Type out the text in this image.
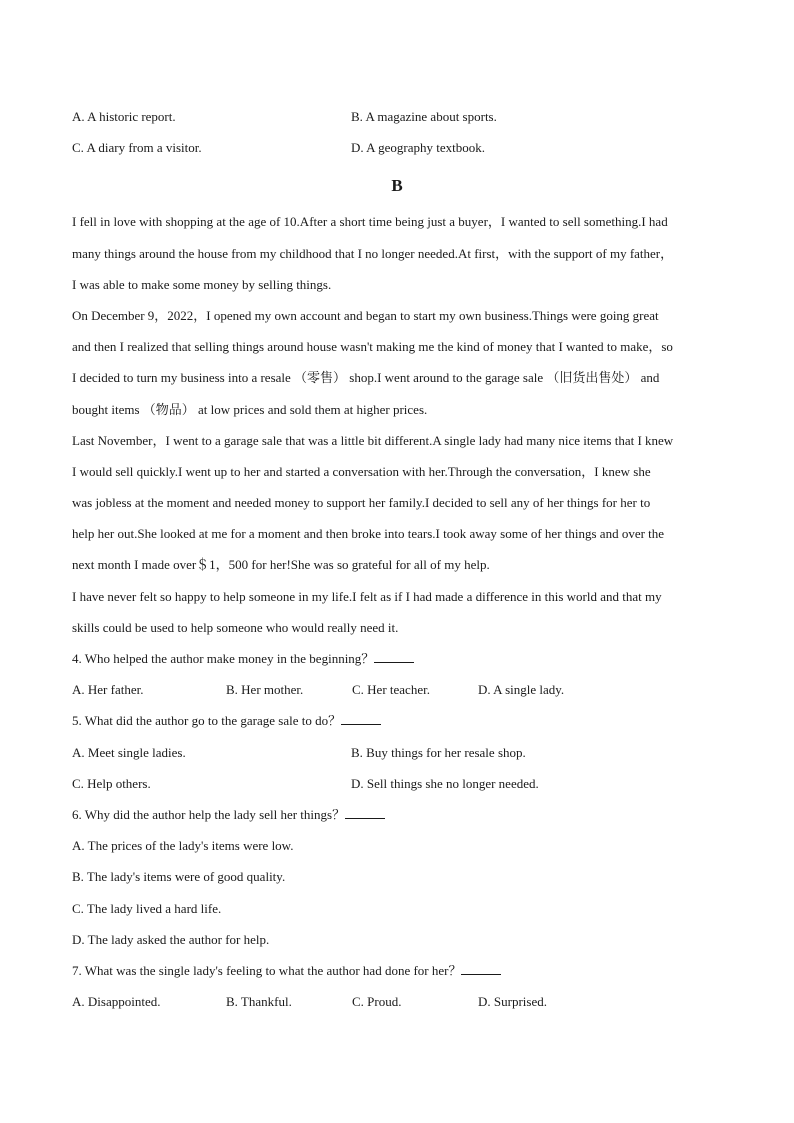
A. A historic report.	B. A magazine about sports.
C. A diary from a visitor.	D. A geography textbook.
B
I fell in love with shopping at the age of 10.After a short time being just a buyer，I wanted to sell something.I had
many things around the house from my childhood that I no longer needed.At first，with the support of my father，
I was able to make some money by selling things.
On December 9，2022，I opened my own account and began to start my own business.Things were going great
and then I realized that selling things around house wasn't making me the kind of money that I wanted to make，so
I decided to turn my business into a resale （零售） shop.I went around to the garage sale （旧货出售处） and
bought items （物品） at low prices and sold them at higher prices.
Last November，I went to a garage sale that was a little bit different.A single lady had many nice items that I knew
I would sell quickly.I went up to her and started a conversation with her.Through the conversation，I knew she
was jobless at the moment and needed money to support her family.I decided to sell any of her things for her to
help her out.She looked at me for a moment and then broke into tears.I took away some of her things and over the
next month I made over＄1，500 for her!She was so grateful for all of my help.
I have never felt so happy to help someone in my life.I felt as if I had made a difference in this world and that my
skills could be used to help someone who would really need it.
4. Who helped the author make money in the beginning？
A. Her father.	B. Her mother.	C. Her teacher.	D. A single lady.
5. What did the author go to the garage sale to do？
A. Meet single ladies.	B. Buy things for her resale shop.
C. Help others.	D. Sell things she no longer needed.
6. Why did the author help the lady sell her things？
A. The prices of the lady's items were low.
B. The lady's items were of good quality.
C. The lady lived a hard life.
D. The lady asked the author for help.
7. What was the single lady's feeling to what the author had done for her？
A. Disappointed.	B. Thankful.	C. Proud.	D. Surprised.
